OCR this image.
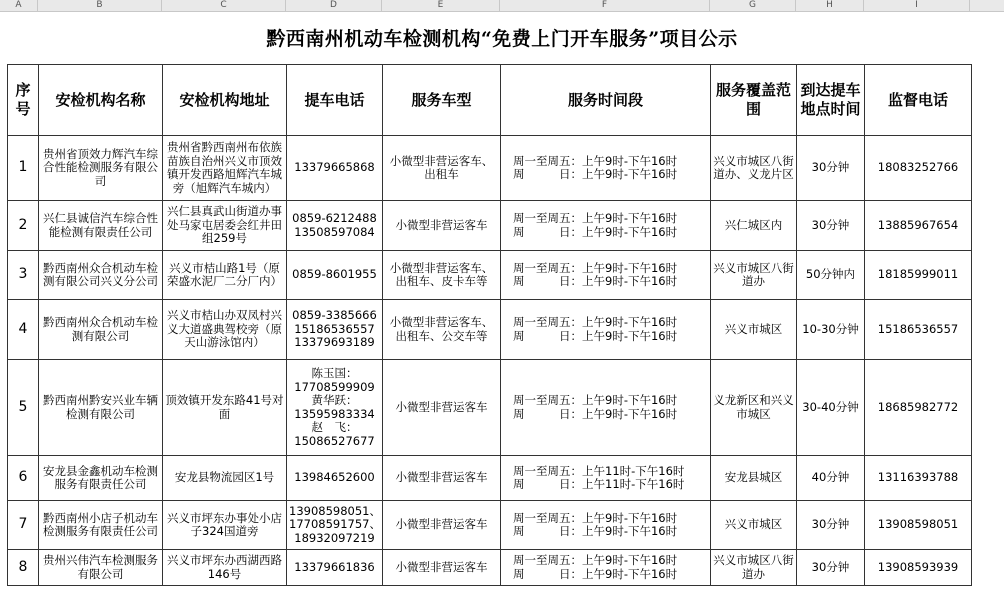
A	B	C	D	E	F	G	H	I
黔西南州机动车检测机构“免费上门开车服务”项目公示
序号	安检机构名称	安检机构地址	提车电话	服务车型	服务时间段	服务覆盖范围	到达提车地点时间	监督电话
1	贵州省顶效力辉汽车综合性能检测服务有限公司	贵州省黔西南州布依族苗族自治州兴义市顶效镇开发西路旭辉汽车城旁（旭辉汽车城内）	13379665868	小微型非营运客车、出租车	周一至周五：上午9时-下午16时
周　　　日：上午9时-下午16时	兴义市城区八街道办、义龙片区	30分钟	18083252766
2	兴仁县诚信汽车综合性能检测有限责任公司	兴仁县真武山街道办事处马家屯居委会红井田组259号	0859-6212488 13508597084	小微型非营运客车	周一至周五：上午9时-下午16时
周　　　日：上午9时-下午16时	兴仁城区内	30分钟	13885967654
3	黔西南州众合机动车检测有限公司兴义分公司	兴义市桔山路1号（原荣盛水泥厂二分厂内）	0859-8601955	小微型非营运客车、出租车、皮卡车等	周一至周五：上午9时-下午16时
周　　　日：上午9时-下午16时	兴义市城区八街道办	50分钟内	18185999011
4	黔西南州众合机动车检测有限公司	兴义市桔山办双凤村兴义大道盛典驾校旁（原天山游泳馆内）	0859-3385666 15186536557 13379693189	小微型非营运客车、出租车、公交车等	周一至周五：上午9时-下午16时
周　　　日：上午9时-下午16时	兴义市城区	10-30分钟	15186536557
5	黔西南州黔安兴业车辆检测有限公司	顶效镇开发东路41号对面	陈玉国：17708599909 黄华跃：13595983334 赵　飞：15086527677	小微型非营运客车	周一至周五：上午9时-下午16时
周　　　日：上午9时-下午16时	义龙新区和兴义市城区	30-40分钟	18685982772
6	安龙县金鑫机动车检测服务有限责任公司	安龙县物流园区1号	13984652600	小微型非营运客车	周一至周五：上午11时-下午16时
周　　　日：上午11时-下午16时	安龙县城区	40分钟	13116393788
7	黔西南州小店子机动车检测服务有限责任公司	兴义市坪东办事处小店子324国道旁	13908598051、17708591757、18932097219	小微型非营运客车	周一至周五：上午9时-下午16时
周　　　日：上午9时-下午16时	兴义市城区	30分钟	13908598051
8	贵州兴伟汽车检测服务有限公司	兴义市坪东办西湖西路146号	13379661836	小微型非营运客车	周一至周五：上午9时-下午16时
周　　　日：上午9时-下午16时	兴义市城区八街道办	30分钟	13908593939
